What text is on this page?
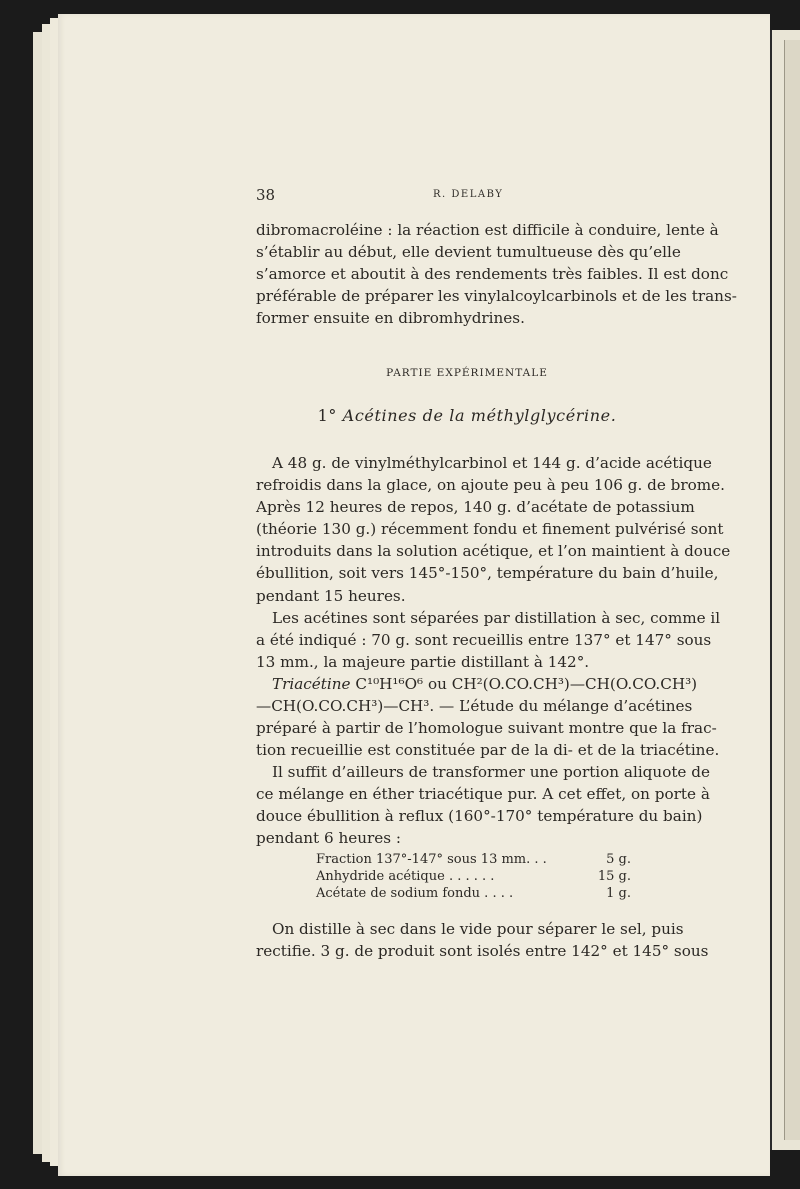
38	R. DELABY
dibromacroléine : la réaction est difficile à conduire, lente à
s’établir au début, elle devient tumultueuse dès qu’elle
s’amorce et aboutit à des rendements très faibles. Il est donc
préférable de préparer les vinylalcoylcarbinols et de les trans-
former ensuite en dibromhydrines.
PARTIE EXPÉRIMENTALE
1° Acétines de la méthylglycérine.
A 48 g. de vinylméthylcarbinol et 144 g. d’acide acétique
refroidis dans la glace, on ajoute peu à peu 106 g. de brome.
Après 12 heures de repos, 140 g. d’acétate de potassium
(théorie 130 g.) récemment fondu et finement pulvérisé sont
introduits dans la solution acétique, et l’on maintient à douce
ébullition, soit vers 145°-150°, température du bain d’huile,
pendant 15 heures.
Les acétines sont séparées par distillation à sec, comme il
a été indiqué : 70 g. sont recueillis entre 137° et 147° sous
13 mm., la majeure partie distillant à 142°.
Triacétine C¹⁰H¹⁶O⁶ ou CH²(O.CO.CH³)—CH(O.CO.CH³)
—CH(O.CO.CH³)—CH³. — L’étude du mélange d’acétines
préparé à partir de l’homologue suivant montre que la frac-
tion recueillie est constituée par de la di- et de la triacétine.
Il suffit d’ailleurs de transformer une portion aliquote de
ce mélange en éther triacétique pur. A cet effet, on porte à
douce ébullition à reflux (160°-170° température du bain)
pendant 6 heures :
Fraction 137°-147° sous 13 mm. . .	5 g.
Anhydride acétique . . . . . .	15 g.
Acétate de sodium fondu . . . .	1 g.
On distille à sec dans le vide pour séparer le sel, puis
rectifie. 3 g. de produit sont isolés entre 142° et 145° sous
